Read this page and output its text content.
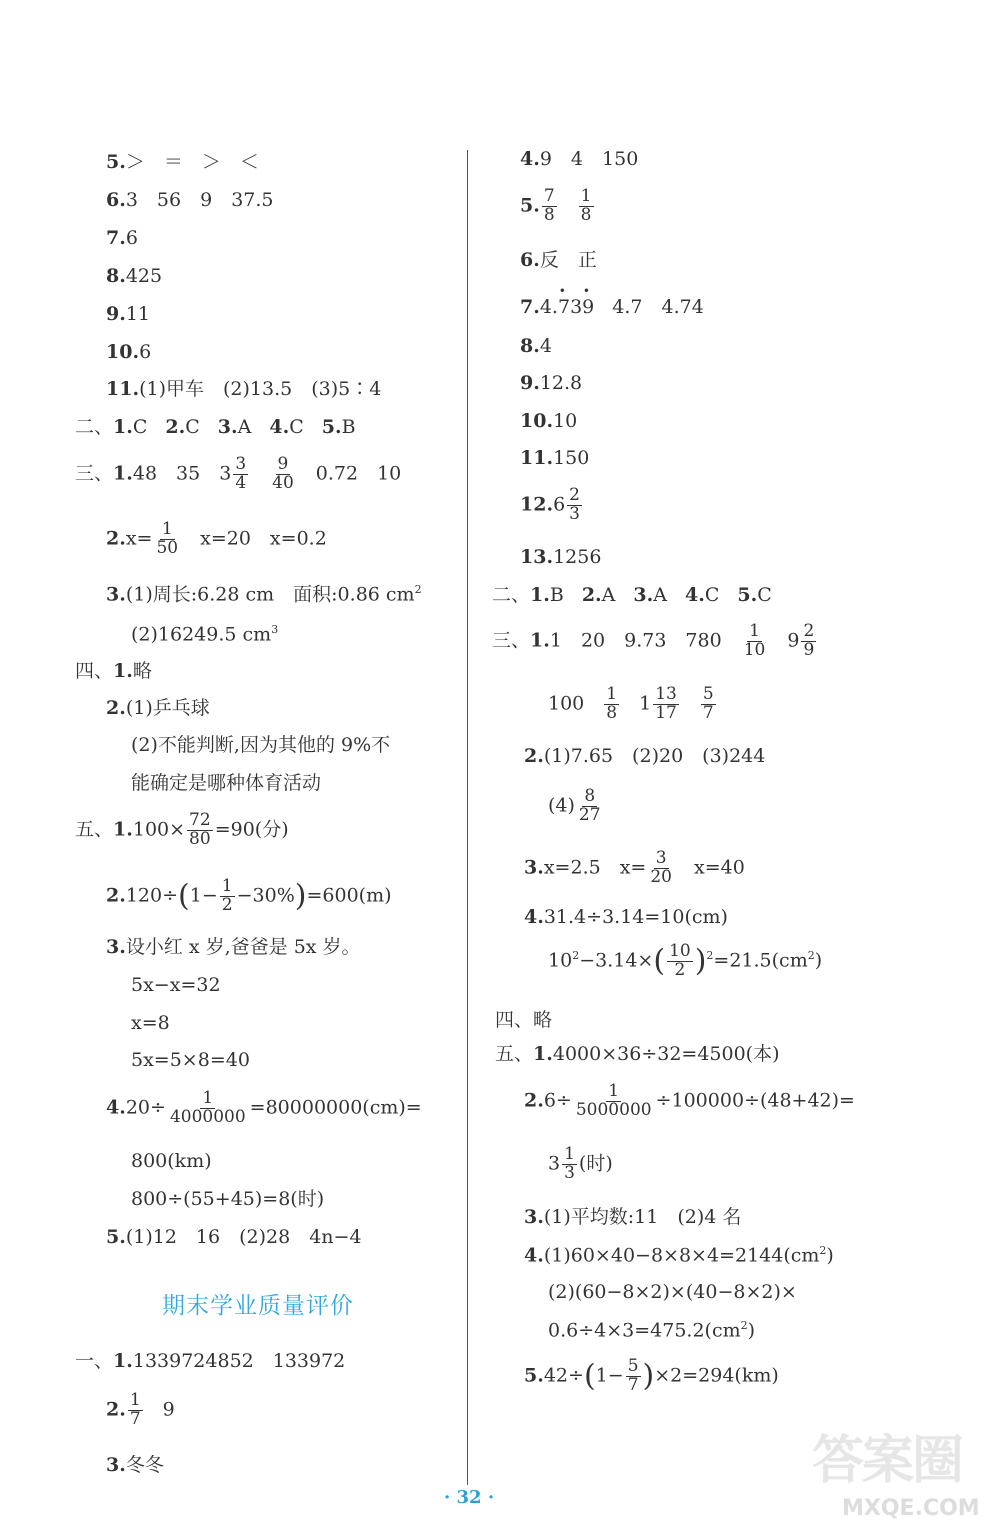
5.＞　＝　＞　＜
6.3　56　9　37.5
7.6
8.425
9.11
10.6
11.(1)甲车　(2)13.5　(3)5∶4
二、1.C 2.C 3.A 4.C 5.B
三、1.48　35　$3 \frac{3}{4} \frac{9}{40} 0.72$　10
$2.x= \frac{1}{50} x=20$　x=0.2
3.(1)周长:6.28 cm　面积:0.86 $cm^2$
(2)16249.5 $cm^3$
四、1.略
2.(1)乒乓球
(2)不能判断,因为其他的 9%不
能确定是哪种体育活动
五、$1.100\times \frac{72}{80} =90$(分)
$2.120\div(1- \frac{1}{2} -30\%)=600(m)$
3.设小红 x 岁,爸爸是 5x 岁。
5x−x=32
x=8
5x=5×8=40
$4.20\div \frac{1}{4000000} =80000000(cm)=$
800(km)
800÷(55+45)=8(时)
5.(1)12　16　(2)28　4n−4
期末学业质量评价
一、1.1339724852　133972
2. $\frac{1}{7} 9$
3.冬冬
4.9　4　150
5. $\frac{7}{8} \frac{1}{8}$
6.反　正
7.4.· 73· 9 4.7　4.74
8.4
9.12.8
10.10
11.150
$12.6 \frac{2}{3}$
13.1256
二、1.B 2.A 3.A 4.C 5.C
三、1.1　20　9.73　$780 \frac{1}{10} 9 \frac{2}{9}$
$100 \frac{1}{8} 1 \frac{13}{17} \frac{5}{7}$
2.(1)7.65　(2)20　(3)244
$(4) \frac{8}{27}$
3.x=2.5　$x= \frac{3}{20} x=40$
4.31.4÷3.14=10(cm)
$10^2-3.14\times( \frac{10}{2} )^2=21.5(cm^2)$
四、略
五、1.4000×36÷32=4500(本)
$2.6\div \frac{1}{5000000} \div 100000\div(48+42)=$
$3 \frac{1}{3}$ (时)
3.(1)平均数:11　(2)4 名
$4.(1)60\times 40-8\times 8\times 4=2144(cm^2)$
(2)(60−8×2)×(40−8×2)×
$0.6\div 4\times 3=475.2(cm^2)$
$5.42\div(1- \frac{5}{7} )\times 2=294(km)$
· 32 ·
答案圈
MXQE.COM
